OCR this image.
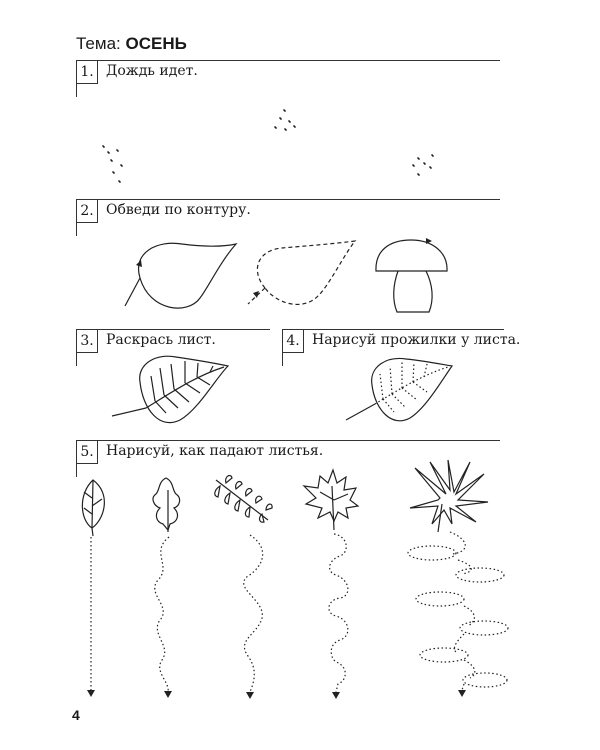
Тема: ОСЕНЬ
1. Дождь идет.
2. Обведи по контуру.
3. Раскрась лист.	4. Нарисуй прожилки у листа.
5. Нарисуй, как падают листья.
4
